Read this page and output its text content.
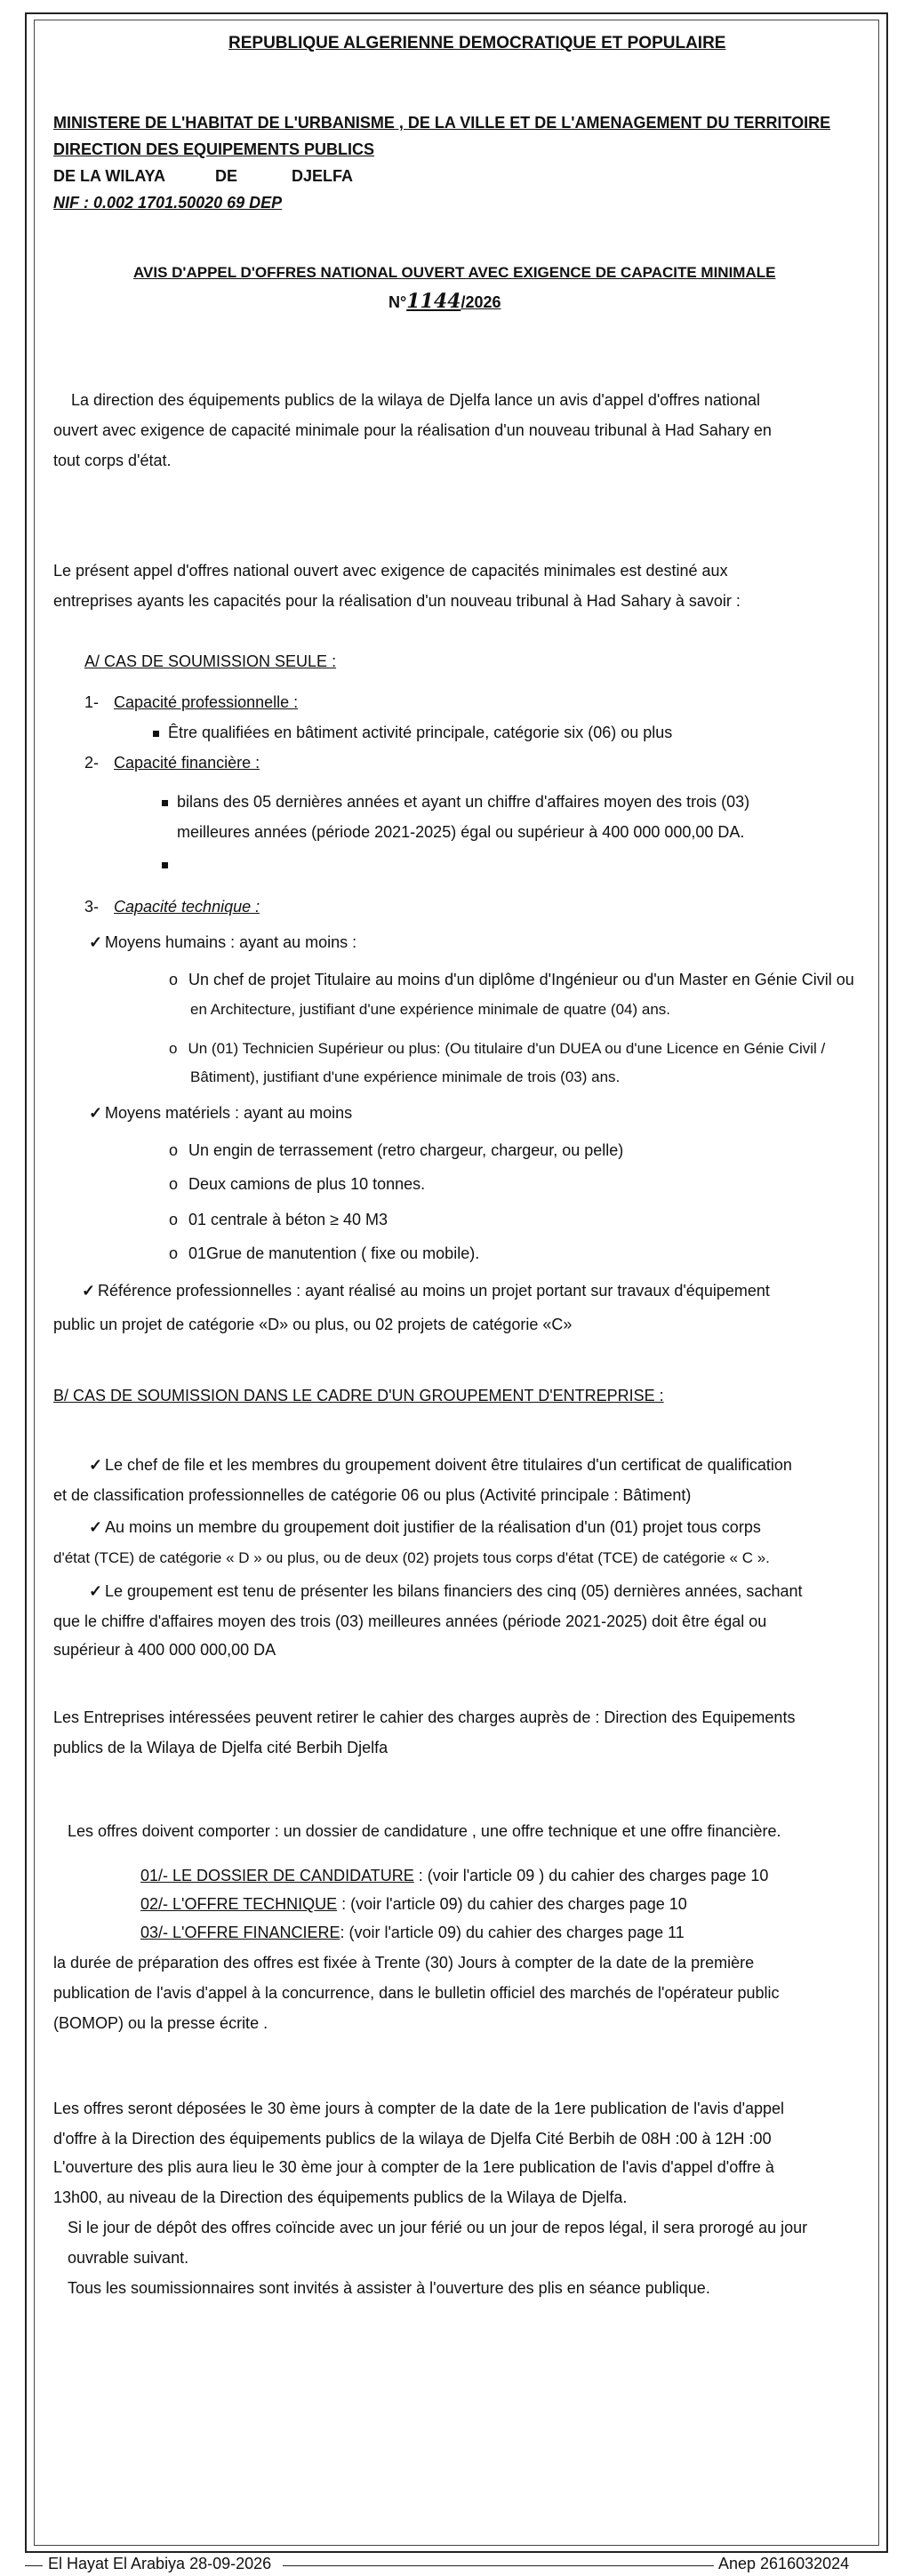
REPUBLIQUE ALGERIENNE DEMOCRATIQUE ET POPULAIRE
MINISTERE DE L'HABITAT DE L'URBANISME , DE LA VILLE ET DE L'AMENAGEMENT DU TERRITOIRE
DIRECTION DES EQUIPEMENTS PUBLICS
DE LA WILAYA	DE	DJELFA
NIF : 0.002 1701.50020 69 DEP
AVIS D'APPEL D'OFFRES NATIONAL OUVERT AVEC EXIGENCE DE CAPACITE MINIMALE
N°1144/2026
La direction des équipements publics de la wilaya de Djelfa lance un avis d'appel d'offres national
ouvert avec exigence de capacité minimale pour la réalisation d'un nouveau tribunal à Had Sahary en
tout corps d'état.
Le présent appel d'offres national ouvert avec exigence de capacités minimales est destiné aux
entreprises ayants les capacités pour la réalisation d'un nouveau tribunal à Had Sahary à savoir :
A/ CAS DE SOUMISSION SEULE :
1- Capacité professionnelle :
Être qualifiées en bâtiment activité principale, catégorie six (06) ou plus
2- Capacité financière :
bilans des 05 dernières années et ayant un chiffre d'affaires moyen des trois (03)
meilleures années (période 2021-2025) égal ou supérieur à 400 000 000,00 DA.
3- Capacité technique :
✓ Moyens humains : ayant au moins :
o Un chef de projet Titulaire au moins d'un diplôme d'Ingénieur ou d'un Master en Génie Civil ou
en Architecture, justifiant d'une expérience minimale de quatre (04) ans.
o Un (01) Technicien Supérieur ou plus: (Ou titulaire d'un DUEA ou d'une Licence en Génie Civil /
Bâtiment), justifiant d'une expérience minimale de trois (03) ans.
✓ Moyens matériels : ayant au moins
o Un engin de terrassement (retro chargeur, chargeur, ou pelle)
o Deux camions de plus 10 tonnes.
o 01 centrale à béton ≥ 40 M3
o 01Grue de manutention ( fixe ou mobile).
✓ Référence professionnelles : ayant réalisé au moins un projet portant sur travaux d'équipement
public un projet de catégorie «D» ou plus, ou 02 projets de catégorie «C»
B/ CAS DE SOUMISSION DANS LE CADRE D'UN GROUPEMENT D'ENTREPRISE :
✓ Le chef de file et les membres du groupement doivent être titulaires d'un certificat de qualification
et de classification professionnelles de catégorie 06 ou plus (Activité principale : Bâtiment)
✓ Au moins un membre du groupement doit justifier de la réalisation d'un (01) projet tous corps
d'état (TCE) de catégorie « D » ou plus, ou de deux (02) projets tous corps d'état (TCE) de catégorie « C ».
✓ Le groupement est tenu de présenter les bilans financiers des cinq (05) dernières années, sachant
que le chiffre d'affaires moyen des trois (03) meilleures années (période 2021-2025) doit être égal ou
supérieur à 400 000 000,00 DA
Les Entreprises intéressées peuvent retirer le cahier des charges auprès de : Direction des Equipements
publics de la Wilaya de Djelfa cité Berbih Djelfa
Les offres doivent comporter : un dossier de candidature , une offre technique et une offre financière.
01/- LE DOSSIER DE CANDIDATURE : (voir l'article 09 ) du cahier des charges page 10
02/- L'OFFRE TECHNIQUE : (voir l'article 09) du cahier des charges page 10
03/- L'OFFRE FINANCIERE: (voir l'article 09) du cahier des charges page 11
la durée de préparation des offres est fixée à Trente (30) Jours à compter de la date de la première
publication de l'avis d'appel à la concurrence, dans le bulletin officiel des marchés de l'opérateur public
(BOMOP) ou la presse écrite .
Les offres seront déposées le 30 ème jours à compter de la date de la 1ere publication de l'avis d'appel
d'offre à la Direction des équipements publics de la wilaya de Djelfa Cité Berbih de 08H :00 à 12H :00
L'ouverture des plis aura lieu le 30 ème jour à compter de la 1ere publication de l'avis d'appel d'offre à
13h00, au niveau de la Direction des équipements publics de la Wilaya de Djelfa.
Si le jour de dépôt des offres coïncide avec un jour férié ou un jour de repos légal, il sera prorogé au jour
ouvrable suivant.
Tous les soumissionnaires sont invités à assister à l'ouverture des plis en séance publique.
El Hayat El Arabiya 28-09-2026	Anep 2616032024
